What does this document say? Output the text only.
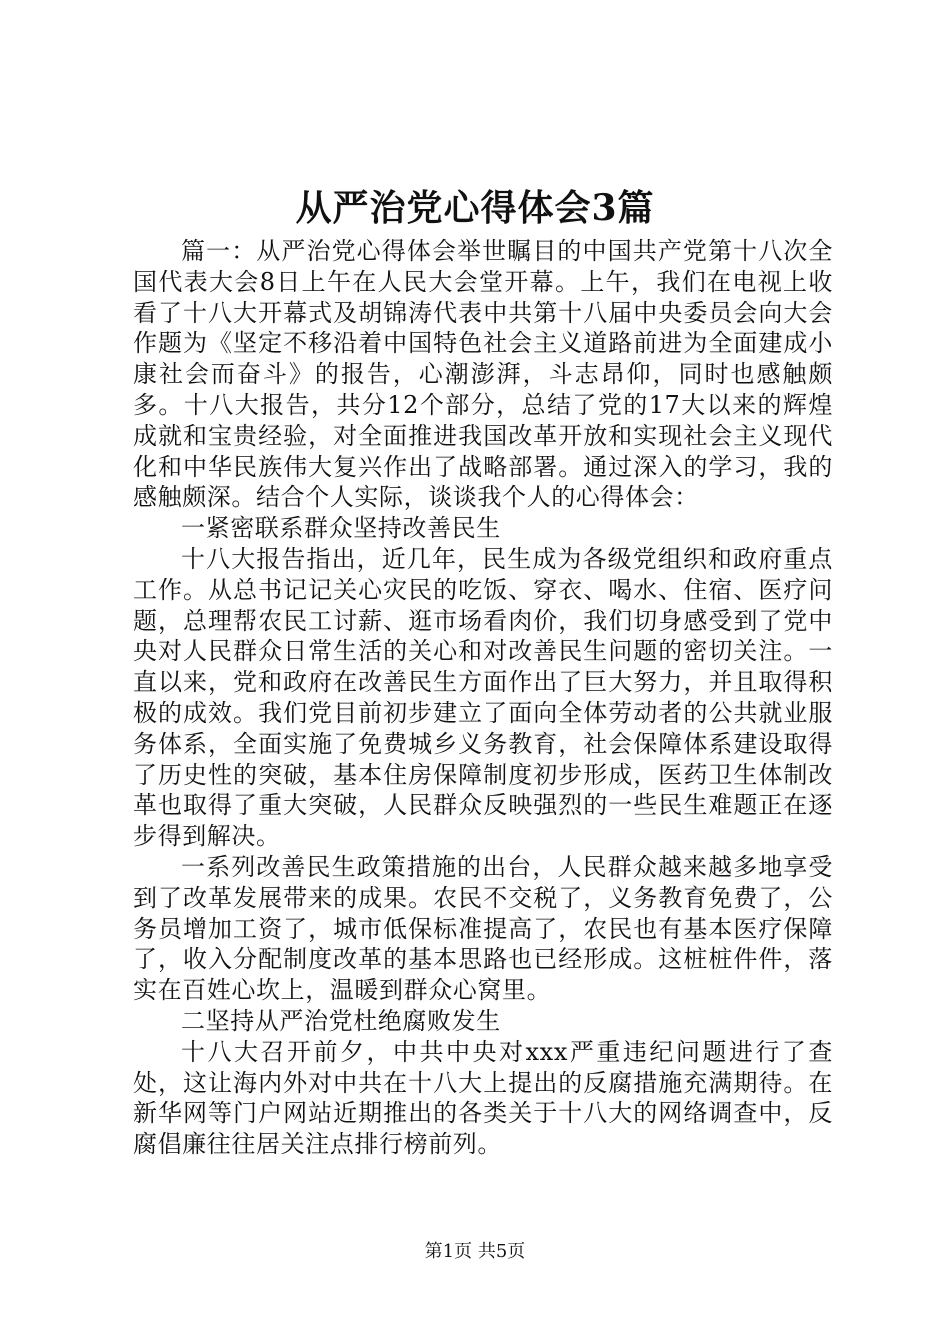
从严治党心得体会3篇

篇一：从严治党心得体会举世瞩目的中国共产党第十八次全国代表大会8日上午在人民大会堂开幕。上午，我们在电视上收看了十八大开幕式及胡锦涛代表中共第十八届中央委员会向大会作题为《坚定不移沿着中国特色社会主义道路前进为全面建成小康社会而奋斗》的报告，心潮澎湃，斗志昂仰，同时也感触颇多。十八大报告，共分12个部分，总结了党的17大以来的辉煌成就和宝贵经验，对全面推进我国改革开放和实现社会主义现代化和中华民族伟大复兴作出了战略部署。通过深入的学习，我的感触颇深。结合个人实际，谈谈我个人的心得体会：

一紧密联系群众坚持改善民生

十八大报告指出，近几年，民生成为各级党组织和政府重点工作。从总书记记关心灾民的吃饭、穿衣、喝水、住宿、医疗问题，总理帮农民工讨薪、逛市场看肉价，我们切身感受到了党中央对人民群众日常生活的关心和对改善民生问题的密切关注。一直以来，党和政府在改善民生方面作出了巨大努力，并且取得积极的成效。我们党目前初步建立了面向全体劳动者的公共就业服务体系，全面实施了免费城乡义务教育，社会保障体系建设取得了历史性的突破，基本住房保障制度初步形成，医药卫生体制改革也取得了重大突破，人民群众反映强烈的一些民生难题正在逐步得到解决。

一系列改善民生政策措施的出台，人民群众越来越多地享受到了改革发展带来的成果。农民不交税了，义务教育免费了，公务员增加工资了，城市低保标准提高了，农民也有基本医疗保障了，收入分配制度改革的基本思路也已经形成。这桩桩件件，落实在百姓心坎上，温暖到群众心窝里。

二坚持从严治党杜绝腐败发生

十八大召开前夕，中共中央对xxx严重违纪问题进行了查处，这让海内外对中共在十八大上提出的反腐措施充满期待。在新华网等门户网站近期推出的各类关于十八大的网络调查中，反腐倡廉往往居关注点排行榜前列。

第1页 共5页
